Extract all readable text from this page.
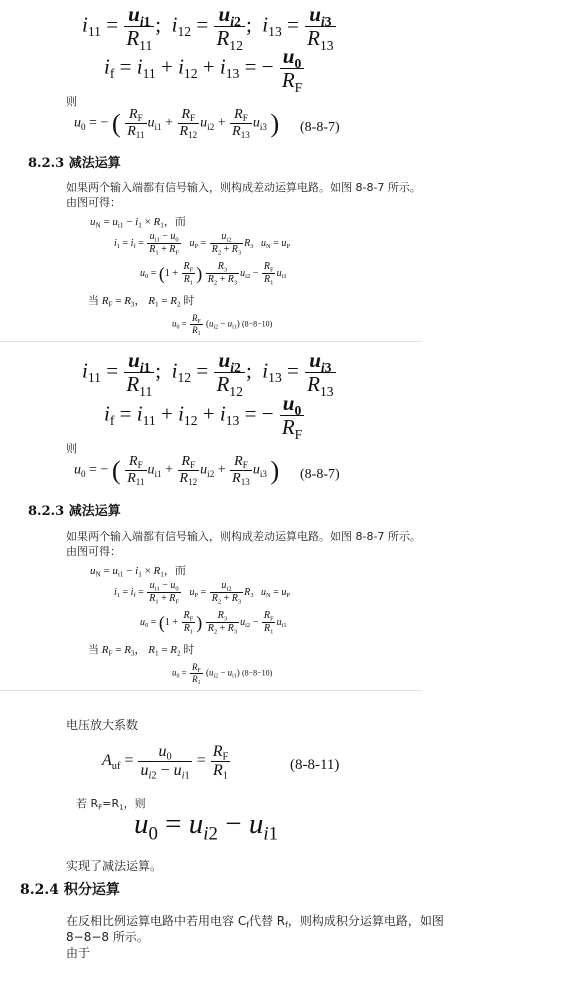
$i_{11} = \frac{u_{i1}}{R_{11}}$ ;  $i_{12} = \frac{u_{i2}}{R_{12}}$ ;  $i_{13} = \frac{u_{i3}}{R_{13}}$
$i_f = i_{11} + i_{12} + i_{13}$ = − $\frac{u_0}{R_F}$
则
$u_0$ = − ( $\frac{R_F}{R_{11}} u_{i1} + \frac{R_F}{R_{12}} u_{i2} + \frac{R_F}{R_{13}} u_{i3}$ ) (8-8-7)
8.2.3 减法运算
如果两个输入端都有信号输入，则构成差动运算电路。如图 8-8-7 所示。
由图可得：
$u_N = u_{i1} - i_1 \times R_1$，而
$i_1 = i_f = \frac{u_{i1} - u_0}{R_1 + R_F} u_P = \frac{u_{i2}}{R_2 + R_3} R_3$ $u_N = u_P$
$u_0 = (1 + \frac{R_F}{R_1}$ ) $\frac{R_3}{R_2 + R_3} u_{i2} - \frac{R_F}{R_1} u_{i1}$
当 $R_F = R_3$， $R_1 = R_2$ 时
$u_0 = \frac{R_F}{R_1} (u_{i2} - u_{i1})$ (8−8−10)
$i_{11} = \frac{u_{i1}}{R_{11}}$ ;  $i_{12} = \frac{u_{i2}}{R_{12}}$ ;  $i_{13} = \frac{u_{i3}}{R_{13}}$
$i_f = i_{11} + i_{12} + i_{13}$ = − $\frac{u_0}{R_F}$
则
$u_0$ = − ( $\frac{R_F}{R_{11}} u_{i1} + \frac{R_F}{R_{12}} u_{i2} + \frac{R_F}{R_{13}} u_{i3}$ ) (8-8-7)
8.2.3 减法运算
如果两个输入端都有信号输入，则构成差动运算电路。如图 8-8-7 所示。
由图可得：
$u_N = u_{i1} - i_1 \times R_1$，而
$i_1 = i_f = \frac{u_{i1} - u_0}{R_1 + R_F} u_P = \frac{u_{i2}}{R_2 + R_3} R_3$ $u_N = u_P$
$u_0 = (1 + \frac{R_F}{R_1}$ ) $\frac{R_3}{R_2 + R_3} u_{i2} - \frac{R_F}{R_1} u_{i1}$
当 $R_F = R_3$， $R_1 = R_2$ 时
$u_0 = \frac{R_F}{R_1} (u_{i2} - u_{i1})$ (8−8−10)
电压放大系数
$A_{uf} = \frac{u_0}{u_{i2} - u_{i1}} = \frac{R_F}{R_1}$	(8-8-11)
若 $R_F=R_1$，则
$u_0 = u_{i2} - u_{i1}$
实现了减法运算。
8.2.4 积分运算
在反相比例运算电路中若用电容 $C_f$代替 $R_f$，则构成积分运算电路，如图
8−8−8 所示。
由于
